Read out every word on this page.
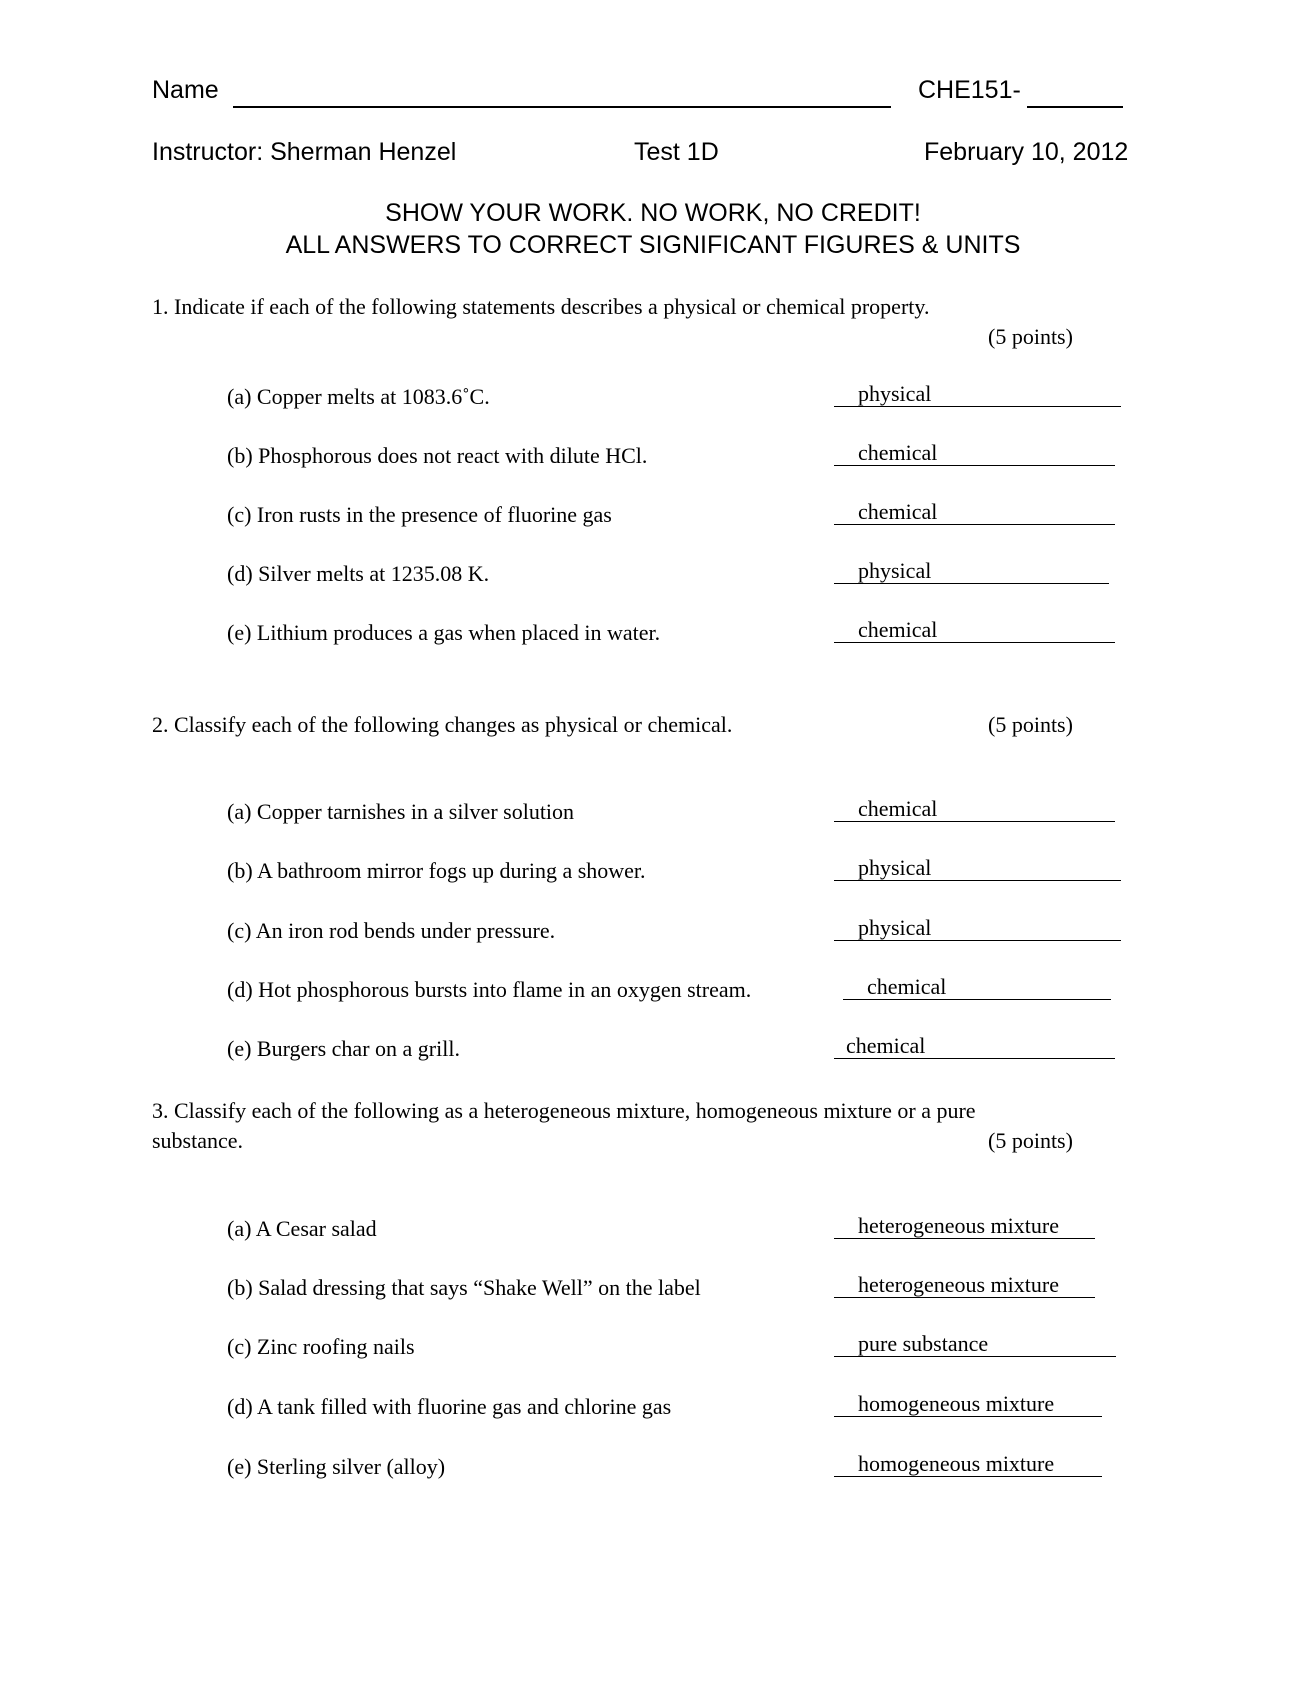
Name	CHE151-
Instructor: Sherman Henzel	Test 1D	February 10, 2012
SHOW YOUR WORK. NO WORK, NO CREDIT!
ALL ANSWERS TO CORRECT SIGNIFICANT FIGURES & UNITS
1. Indicate if each of the following statements describes a physical or chemical property.
(5 points)
(a) Copper melts at 1083.6˚C.	physical
(b) Phosphorous does not react with dilute HCl.	chemical
(c) Iron rusts in the presence of fluorine gas	chemical
(d) Silver melts at 1235.08 K.	physical
(e) Lithium produces a gas when placed in water.	chemical
2. Classify each of the following changes as physical or chemical.	(5 points)
(a) Copper tarnishes in a silver solution	chemical
(b) A bathroom mirror fogs up during a shower.	physical
(c) An iron rod bends under pressure.	physical
(d) Hot phosphorous bursts into flame in an oxygen stream.	chemical
(e) Burgers char on a grill.	chemical
3. Classify each of the following as a heterogeneous mixture, homogeneous mixture or a pure
substance.	(5 points)
(a) A Cesar salad	heterogeneous mixture
(b) Salad dressing that says “Shake Well” on the label	heterogeneous mixture
(c) Zinc roofing nails	pure substance
(d) A tank filled with fluorine gas and chlorine gas	homogeneous mixture
(e) Sterling silver (alloy)	homogeneous mixture
